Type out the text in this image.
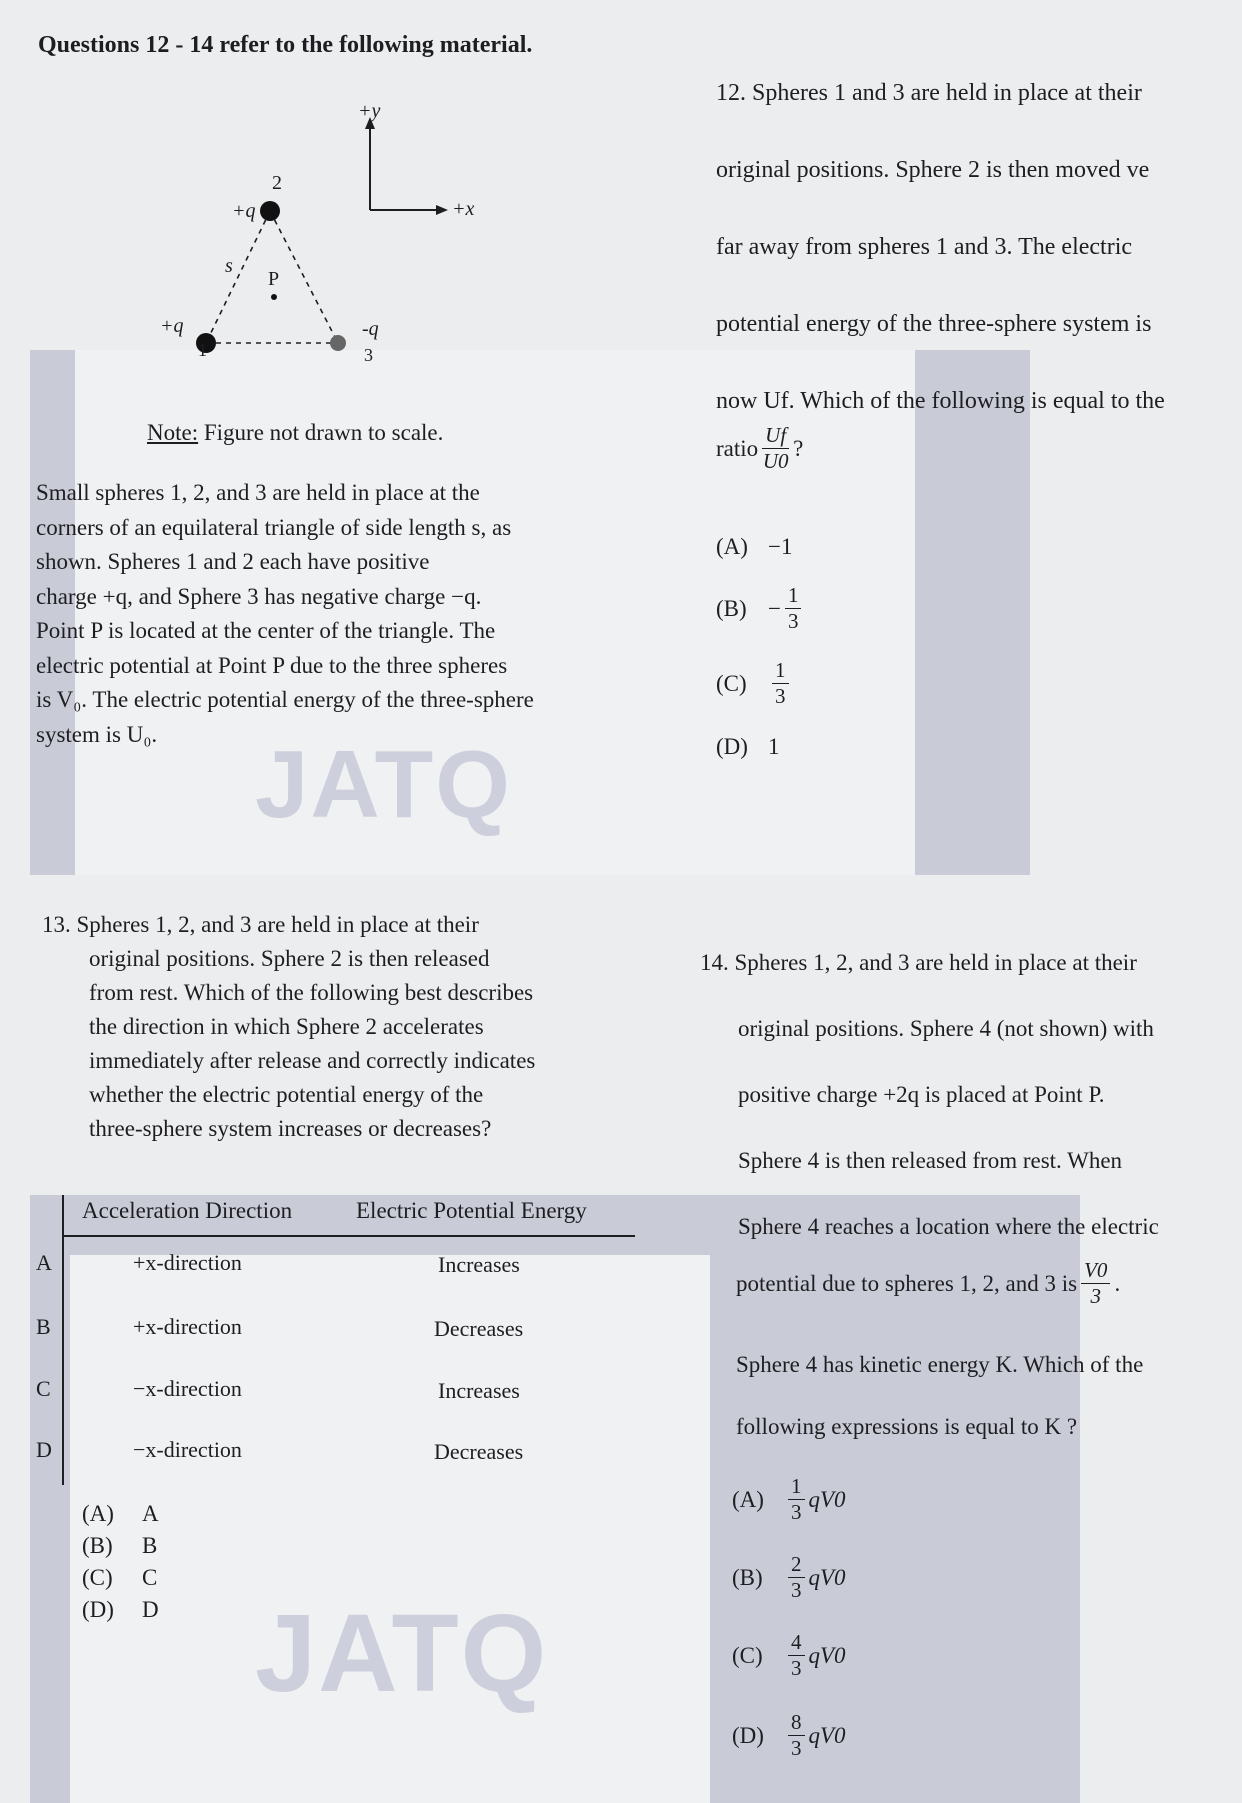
JATQ
JATQ
Questions 12 - 14 refer to the following material.
+y
+x
2
+q
s
P
+q
1
-q
3
Note: Figure not drawn to scale.
Small spheres 1, 2, and 3 are held in place at the
corners of an equilateral triangle of side length s, as
shown. Spheres 1 and 2 each have positive
charge +q, and Sphere 3 has negative charge −q.
Point P is located at the center of the triangle. The
electric potential at Point P due to the three spheres
is V₀. The electric potential energy of the three-sphere
system is U₀.
12. Spheres 1 and 3 are held in place at their
original positions. Sphere 2 is then moved ve
far away from spheres 1 and 3. The electric
potential energy of the three-sphere system is
now Uf. Which of the following is equal to the
ratio $\frac{Uf}{U0}$ ?
(A) −1
$(B) - \frac{1}{3}$
(C)	$\frac{1}{3}$
(D) 1
13. Spheres 1, 2, and 3 are held in place at their
original positions. Sphere 2 is then released
from rest. Which of the following best describes
the direction in which Sphere 2 accelerates
immediately after release and correctly indicates
whether the electric potential energy of the
three-sphere system increases or decreases?
Acceleration Direction	Electric Potential Energy
A	+x-direction	Increases
B	+x-direction	Decreases
C	−x-direction	Increases
D	−x-direction	Decreases
(A) A
(B) B
(C) C
(D) D
14. Spheres 1, 2, and 3 are held in place at their
original positions. Sphere 4 (not shown) with
positive charge +2q is placed at Point P.
Sphere 4 is then released from rest. When
Sphere 4 reaches a location where the electric
potential due to spheres 1, 2, and 3 is $\frac{V0}{3}$ .
Sphere 4 has kinetic energy K. Which of the
following expressions is equal to K ?
(A)	$\frac{1}{3} qV0$
(B)	$\frac{2}{3} qV0$
(C)	$\frac{4}{3} qV0$
(D)	$\frac{8}{3} qV0$
